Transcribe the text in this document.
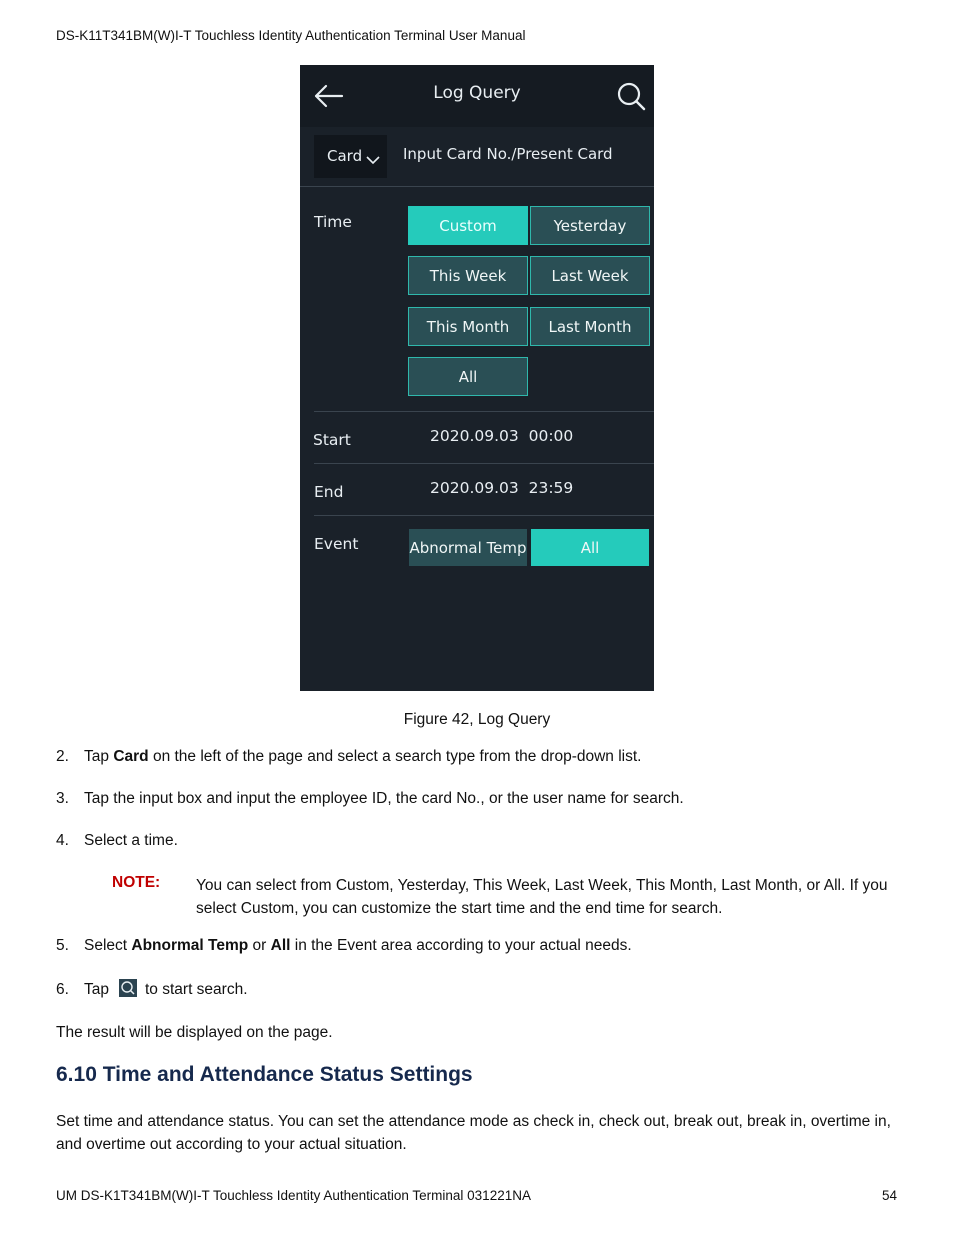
DS-K11T341BM(W)I-T Touchless Identity Authentication Terminal User Manual
Log Query
Card	Input Card No./Present Card
Time	Custom	Yesterday
This Week	Last Week
This Month	Last Month
All
Start	2020.09.03  00:00
End	2020.09.03  23:59
Event	Abnormal Temp	All
Figure 42, Log Query
2. Tap Card on the left of the page and select a search type from the drop-down list.
3. Tap the input box and input the employee ID, the card No., or the user name for search.
4. Select a time.
NOTE: You can select from Custom, Yesterday, This Week, Last Week, This Month, Last Month, or All. If you select Custom, you can customize the start time and the end time for search.
5. Select Abnormal Temp or All in the Event area according to your actual needs.
6. Tap to start search.
The result will be displayed on the page.
6.10 Time and Attendance Status Settings
Set time and attendance status. You can set the attendance mode as check in, check out, break out, break in, overtime in, and overtime out according to your actual situation.
UM DS-K1T341BM(W)I-T Touchless Identity Authentication Terminal 031221NA	54
